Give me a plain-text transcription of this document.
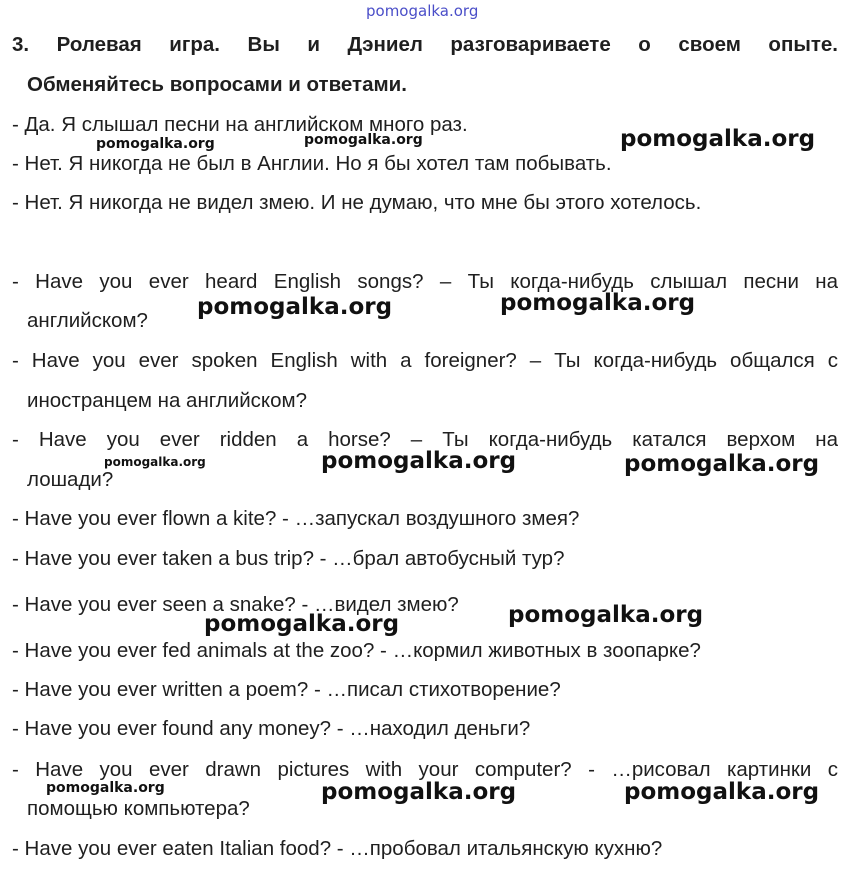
pomogalka.org
3. Ролевая игра. Вы и Дэниел разговариваете о своем опыте.
Обменяйтесь вопросами и ответами.
- Да. Я слышал песни на английском много раз.
- Нет. Я никогда не был в Англии. Но я бы хотел там побывать.
- Нет. Я никогда не видел змею. И не думаю, что мне бы этого хотелось.
- Have you ever heard English songs? – Ты когда-нибудь слышал песни на
английском?
- Have you ever spoken English with a foreigner? – Ты когда-нибудь общался с
иностранцем на английском?
- Have you ever ridden a horse? – Ты когда-нибудь катался верхом на
лошади?
- Have you ever flown a kite? - …запускал воздушного змея?
- Have you ever taken a bus trip? - …брал автобусный тур?
- Have you ever seen a snake? - …видел змею?
- Have you ever fed animals at the zoo? - …кормил животных в зоопарке?
- Have you ever written a poem? - …писал стихотворение?
- Have you ever found any money? - …находил деньги?
- Have you ever drawn pictures with your computer? - …рисовал картинки с
помощью компьютера?
- Have you ever eaten Italian food? - …пробовал итальянскую кухню?
pomogalka.org	pomogalka.org	pomogalka.org
pomogalka.org	pomogalka.org
pomogalka.org	pomogalka.org	pomogalka.org
pomogalka.org
pomogalka.org
pomogalka.org	pomogalka.org	pomogalka.org
